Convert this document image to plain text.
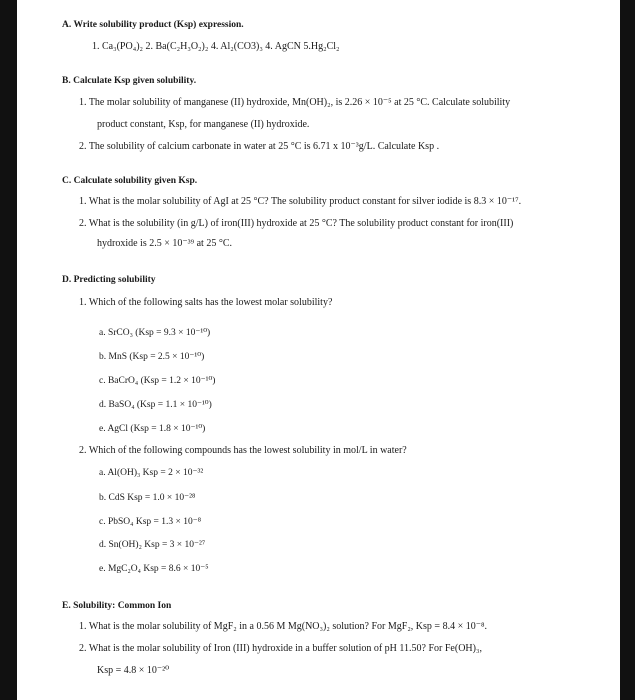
A. Write solubility product (Ksp) expression.
1. Ca₃(PO₄)₂ 2. Ba(C₂H₃O₂)₂ 4. Al₂(CO3)₃ 4. AgCN 5.Hg₂Cl₂
B. Calculate Ksp given solubility.
1. The molar solubility of manganese (II) hydroxide, Mn(OH)₂, is 2.26 × 10⁻⁵ at 25 °C. Calculate solubility
product constant, Ksp, for manganese (II) hydroxide.
2. The solubility of calcium carbonate in water at 25 °C is 6.71 x 10⁻³g/L. Calculate Ksp .
C. Calculate solubility given Ksp.
1. What is the molar solubility of AgI at 25 °C? The solubility product constant for silver iodide is 8.3 × 10⁻¹⁷.
2. What is the solubility (in g/L) of iron(III) hydroxide at 25 °C? The solubility product constant for iron(III)
hydroxide is 2.5 × 10⁻³⁹ at 25 °C.
D. Predicting solubility
1. Which of the following salts has the lowest molar solubility?
a. SrCO₃ (Ksp = 9.3 × 10⁻¹⁰)
b. MnS (Ksp = 2.5 × 10⁻¹⁰)
c. BaCrO₄ (Ksp = 1.2 × 10⁻¹⁰)
d. BaSO₄ (Ksp = 1.1 × 10⁻¹⁰)
e. AgCl (Ksp = 1.8 × 10⁻¹⁰)
2. Which of the following compounds has the lowest solubility in mol/L in water?
a. Al(OH)₃ Ksp = 2 × 10⁻³²
b. CdS Ksp = 1.0 × 10⁻²⁸
c. PbSO₄ Ksp = 1.3 × 10⁻⁸
d. Sn(OH)₂ Ksp = 3 × 10⁻²⁷
e. MgC₂O₄ Ksp = 8.6 × 10⁻⁵
E. Solubility: Common Ion
1. What is the molar solubility of MgF₂ in a 0.56 M Mg(NO₃)₂ solution? For MgF₂, Ksp = 8.4 × 10⁻⁸.
2. What is the molar solubility of Iron (III) hydroxide in a buffer solution of pH 11.50? For Fe(OH)₃,
Ksp = 4.8 × 10⁻²⁰
